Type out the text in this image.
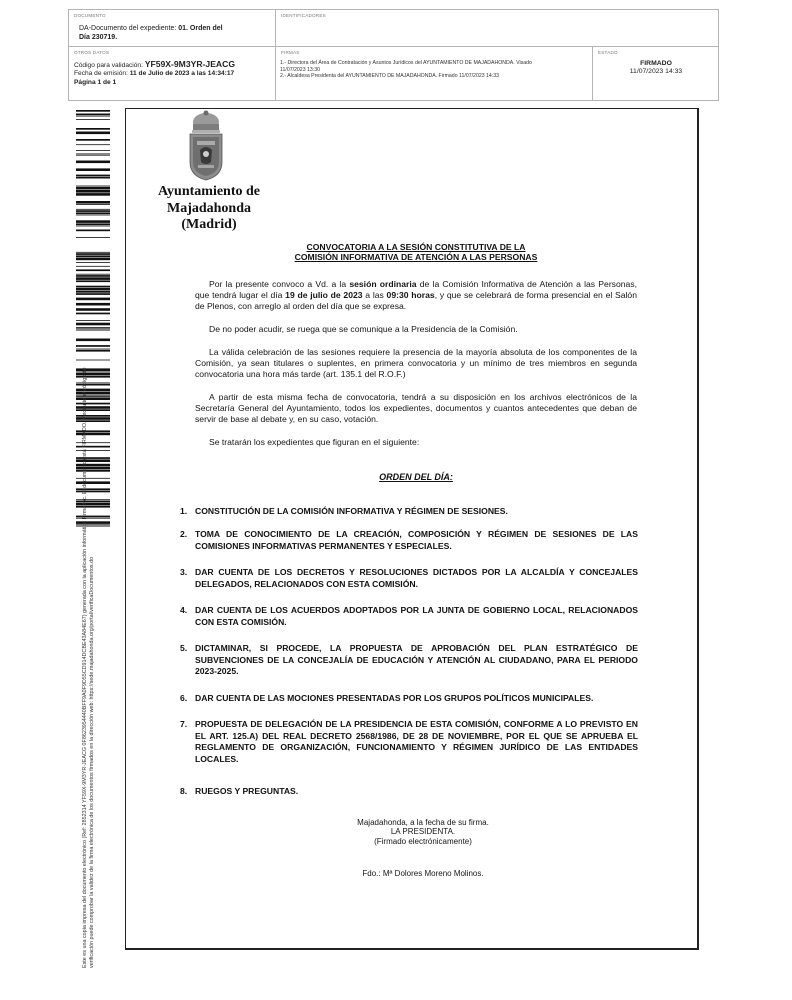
DOCUMENTO
DA-Documento del expediente: 01. Orden del
Día 230719.
IDENTIFICADORES
OTROS DATOS
Código para validación: YF59X-9M3YR-JEACG
Fecha de emisión: 11 de Julio de 2023 a las 14:34:17
Página 1 de 1
FIRMAS
1.- Directora del Área de Contratación y Asuntos Jurídicos del AYUNTAMIENTO DE MAJADAHONDA. Visado
11/07/2023 13:30
2.- Alcaldesa Presidenta del AYUNTAMIENTO DE MAJADAHONDA. Firmado 11/07/2023 14:33
ESTADO
FIRMADO
11/07/2023 14:33
Este es una copia impresa del documento electrónico (Ref: 2852314 YF59X-9M3YR-JEACG 0F8623954440BFF9A0F9D55CD914DCBE43A84E67) generada con la aplicación informática Firmadoc. El documento está FIRMADO. Mediante el código de verificación puede comprobar la validez de la firma electrónica de los documentos firmados en la dirección web: https://sede.majadahonda.org/portal/verificaDocumentos.do
Ayuntamiento de
Majadahonda
(Madrid)
CONVOCATORIA A LA SESIÓN CONSTITUTIVA DE LA
COMISIÓN INFORMATIVA DE ATENCIÓN A LAS PERSONAS
Por la presente convoco a Vd. a la sesión ordinaria de la Comisión Informativa de Atención a las Personas, que tendrá lugar el día 19 de julio de 2023 a las 09:30 horas, y que se celebrará de forma presencial en el Salón de Plenos, con arreglo al orden del día que se expresa.
De no poder acudir, se ruega que se comunique a la Presidencia de la Comisión.
La válida celebración de las sesiones requiere la presencia de la mayoría absoluta de los componentes de la Comisión, ya sean titulares o suplentes, en primera convocatoria y un mínimo de tres miembros en segunda convocatoria una hora más tarde (art. 135.1 del R.O.F.)
A partir de esta misma fecha de convocatoria, tendrá a su disposición en los archivos electrónicos de la Secretaría General del Ayuntamiento, todos los expedientes, documentos y cuantos antecedentes que deban de servir de base al debate y, en su caso, votación.
Se tratarán los expedientes que figuran en el siguiente:
ORDEN DEL DÍA:
1. CONSTITUCIÓN DE LA COMISIÓN INFORMATIVA Y RÉGIMEN DE SESIONES.
2. TOMA DE CONOCIMIENTO DE LA CREACIÓN, COMPOSICIÓN Y RÉGIMEN DE SESIONES DE LAS COMISIONES INFORMATIVAS PERMANENTES Y ESPECIALES.
3. DAR CUENTA DE LOS DECRETOS Y RESOLUCIONES DICTADOS POR LA ALCALDÍA Y CONCEJALES DELEGADOS, RELACIONADOS CON ESTA COMISIÓN.
4. DAR CUENTA DE LOS ACUERDOS ADOPTADOS POR LA JUNTA DE GOBIERNO LOCAL, RELACIONADOS CON ESTA COMISIÓN.
5. DICTAMINAR, SI PROCEDE, LA PROPUESTA DE APROBACIÓN DEL PLAN ESTRATÉGICO DE SUBVENCIONES DE LA CONCEJALÍA DE EDUCACIÓN Y ATENCIÓN AL CIUDADANO, PARA EL PERIODO 2023-2025.
6. DAR CUENTA DE LAS MOCIONES PRESENTADAS POR LOS GRUPOS POLÍTICOS MUNICIPALES.
7. PROPUESTA DE DELEGACIÓN DE LA PRESIDENCIA DE ESTA COMISIÓN, CONFORME A LO PREVISTO EN EL ART. 125.A) DEL REAL DECRETO 2568/1986, DE 28 DE NOVIEMBRE, POR EL QUE SE APRUEBA EL REGLAMENTO DE ORGANIZACIÓN, FUNCIONAMIENTO Y RÉGIMEN JURÍDICO DE LAS ENTIDADES LOCALES.
8. RUEGOS Y PREGUNTAS.
Majadahonda, a la fecha de su firma.
LA PRESIDENTA.
(Firmado electrónicamente)
Fdo.: Mª Dolores Moreno Molinos.
